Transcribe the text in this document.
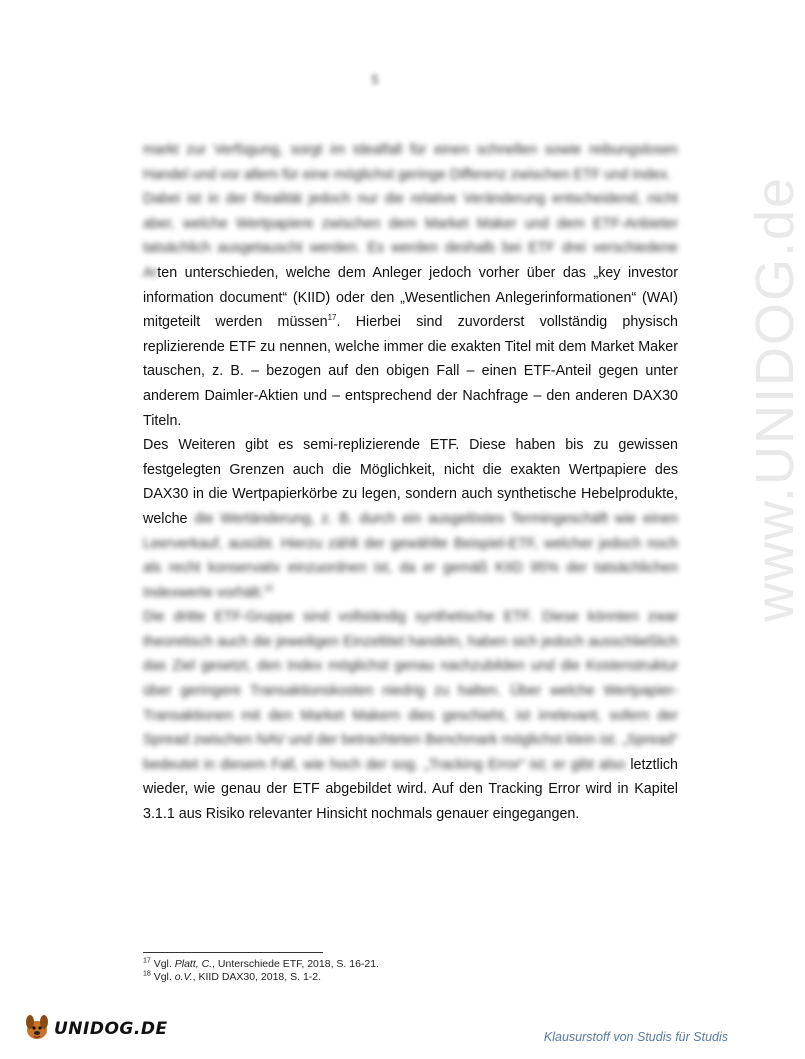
5
www.UNIDOG.de

markt zur Verfügung, sorgt im Idealfall für einen schnellen sowie reibungslosen Handel und vor allem für eine möglichst geringe Differenz zwischen ETF und Index.

Dabei ist in der Realität jedoch nur die relative Veränderung entscheidend, nicht aber, welche Wertpapiere zwischen dem Market Maker und dem ETF-Anbieter tatsächlich ausgetauscht werden. Es werden deshalb bei ETF drei verschiedene Arten unterschieden, welche dem Anleger jedoch vorher über das „key investor information document“ (KIID) oder den „Wesentlichen Anlegerinformationen“ (WAI) mitgeteilt werden müssen$^{17}$. Hierbei sind zuvorderst vollständig physisch replizierende ETF zu nennen, welche immer die exakten Titel mit dem Market Maker tauschen, z. B. – bezogen auf den obigen Fall – einen ETF-Anteil gegen unter anderem Daimler-Aktien und – entsprechend der Nachfrage – den anderen DAX30 Titeln.

Des Weiteren gibt es semi-replizierende ETF. Diese haben bis zu gewissen festgelegten Grenzen auch die Möglichkeit, nicht die exakten Wertpapiere des DAX30 in die Wertpapierkörbe zu legen, sondern auch synthetische Hebelprodukte, welche die Wertänderung, z. B. durch ein ausgelöstes Termingeschäft wie einen Leerverkauf, ausübt. Hierzu zählt der gewählte Beispiel-ETF, welcher jedoch noch als recht konservativ einzuordnen ist, da er gemäß KIID 95% der tatsächlichen Indexwerte vorhält.$^{18}$

Die dritte ETF-Gruppe sind vollständig synthetische ETF. Diese könnten zwar theoretisch auch die jeweiligen Einzeltitel handeln, haben sich jedoch ausschließlich das Ziel gesetzt, den Index möglichst genau nachzubilden und die Kostenstruktur über geringere Transaktionskosten niedrig zu halten. Über welche Wertpapier-Transaktionen mit den Market Makern dies geschieht, ist irrelevant, sofern der Spread zwischen NAV und der betrachteten Benchmark möglichst klein ist. „Spread“ bedeutet in diesem Fall, wie hoch der sog. „Tracking Error“ ist; er gibt also letztlich wieder, wie genau der ETF abgebildet wird. Auf den Tracking Error wird in Kapitel 3.1.1 aus Risiko relevanter Hinsicht nochmals genauer eingegangen.

$^{17}$ Vgl. Platt, C., Unterschiede ETF, 2018, S. 16-21.
$^{18}$ Vgl. o.V., KIID DAX30, 2018, S. 1-2.
UNIDOG.DE	Klausurstoff von Studis für Studis
